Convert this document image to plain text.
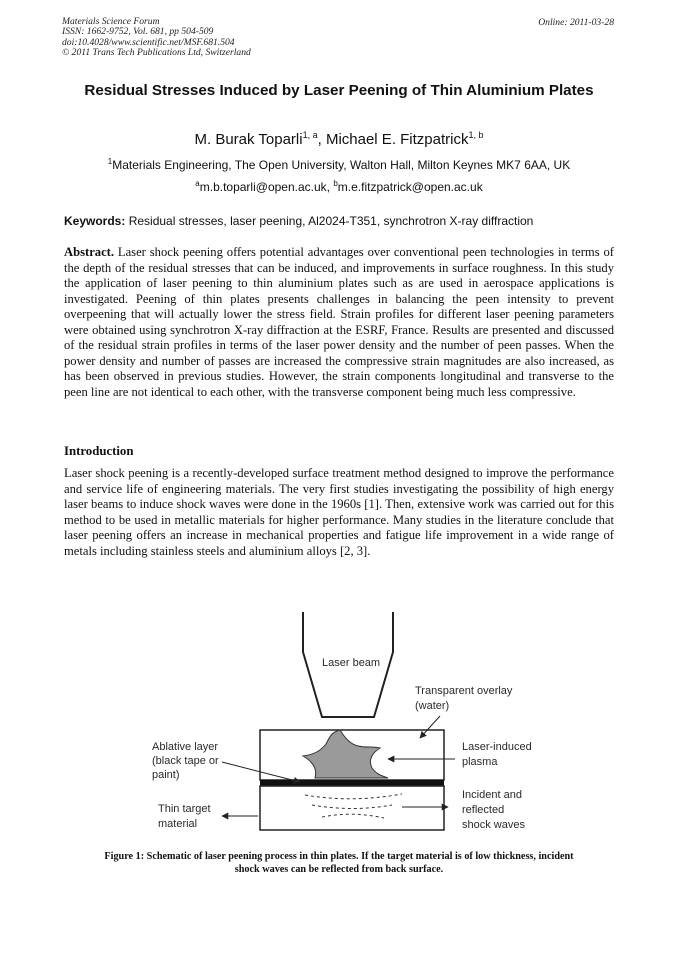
Materials Science Forum
ISSN: 1662-9752, Vol. 681, pp 504-509
doi:10.4028/www.scientific.net/MSF.681.504
© 2011 Trans Tech Publications Ltd, Switzerland
Online: 2011-03-28
Residual Stresses Induced by Laser Peening of Thin Aluminium Plates
M. Burak Toparli$^{1, a}$, Michael E. Fitzpatrick$^{1, b}$
$^1$Materials Engineering, The Open University, Walton Hall, Milton Keynes MK7 6AA, UK
$^a$m.b.toparli@open.ac.uk, $^b$m.e.fitzpatrick@open.ac.uk
Keywords: Residual stresses, laser peening, Al2024-T351, synchrotron X-ray diffraction
Abstract. Laser shock peening offers potential advantages over conventional peen technologies in terms of the depth of the residual stresses that can be induced, and improvements in surface roughness. In this study the application of laser peening to thin aluminium plates such as are used in aerospace applications is investigated. Peening of thin plates presents challenges in balancing the peen intensity to prevent overpeening that will actually lower the stress field. Strain profiles for different laser peening parameters were obtained using synchrotron X-ray diffraction at the ESRF, France. Results are presented and discussed of the residual strain profiles in terms of the laser power density and the number of peen passes. When the power density and number of passes are increased the compressive strain magnitudes are also increased, as has been observed in previous studies. However, the strain components longitudinal and transverse to the peen line are not identical to each other, with the transverse component being much less compressive.
Introduction
Laser shock peening is a recently-developed surface treatment method designed to improve the performance and service life of engineering materials. The very first studies investigating the possibility of high energy laser beams to induce shock waves were done in the 1960s [1]. Then, extensive work was carried out for this method to be used in metallic materials for higher performance. Many studies in the literature conclude that laser peening offers an increase in mechanical properties and fatigue life improvement in a wide range of metals including stainless steels and aluminium alloys [2, 3].
Laser beam
Transparent overlay
(water)
Ablative layer
(black tape or
paint)
Laser-induced
plasma
Thin target
material
Incident and
reflected
shock waves
Figure 1: Schematic of laser peening process in thin plates. If the target material is of low thickness, incident
shock waves can be reflected from back surface.
